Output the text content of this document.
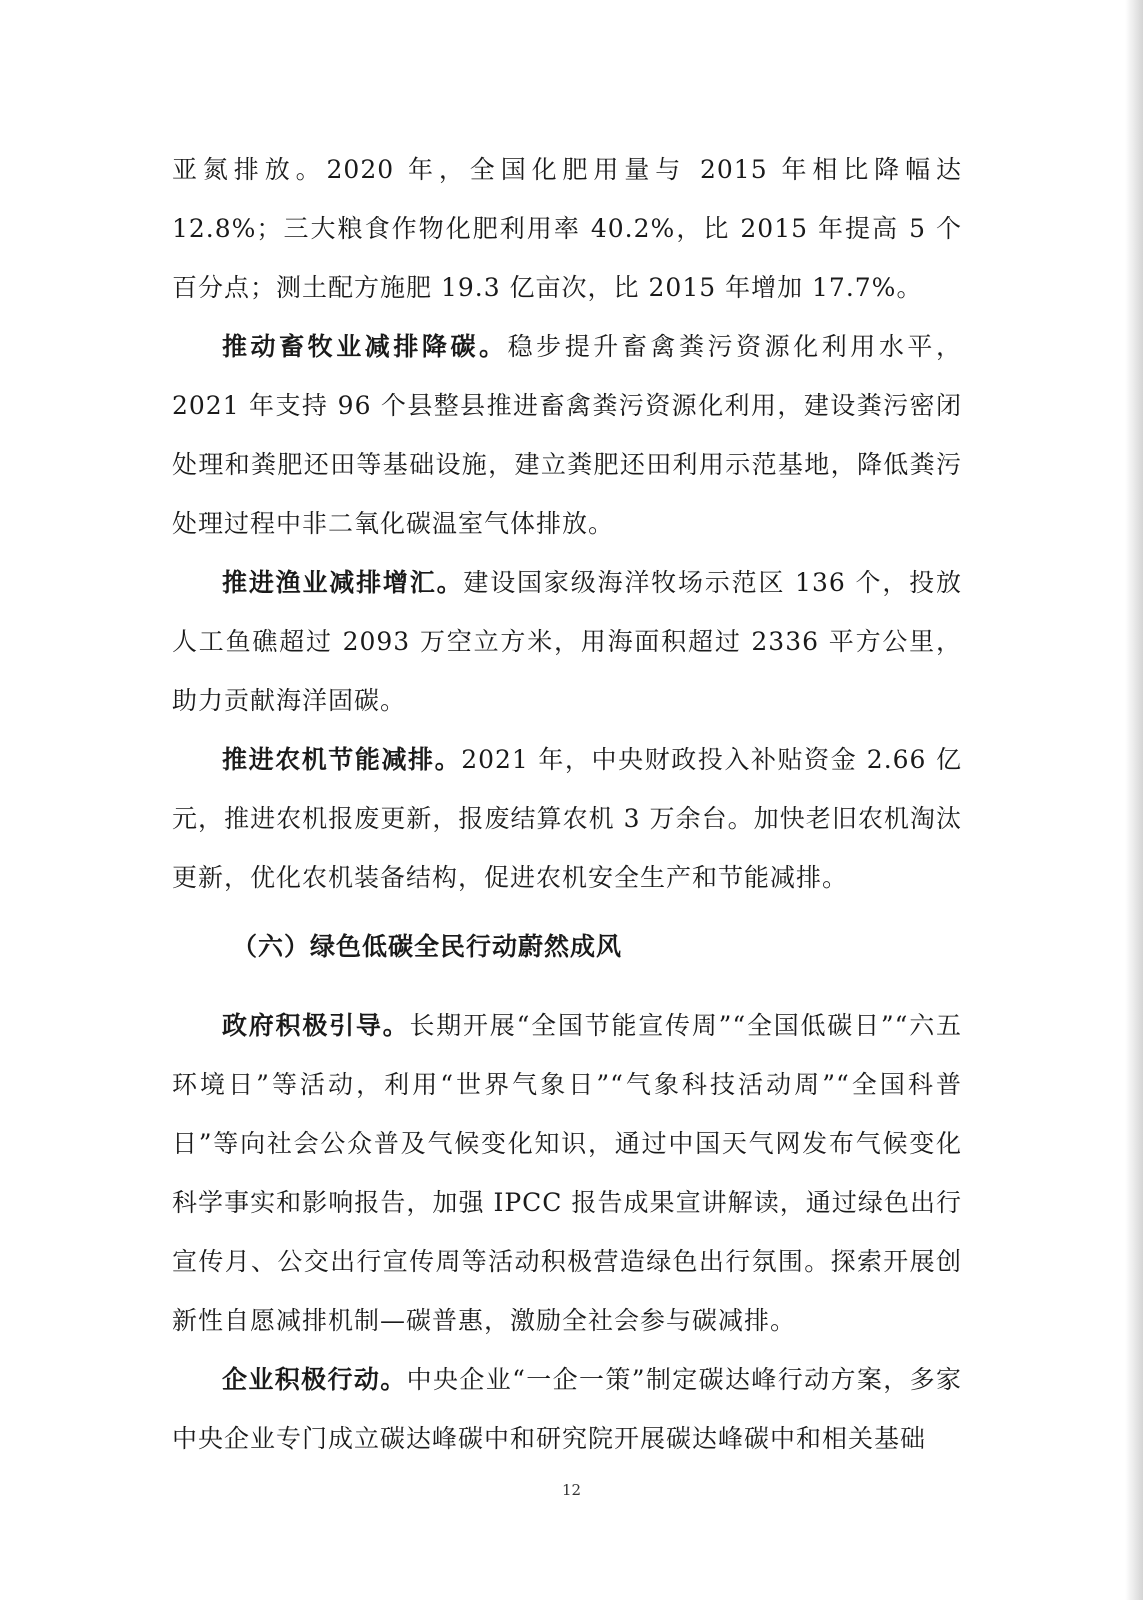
亚氮排放。2020 年，全国化肥用量与 2015 年相比降幅达 12.8%；三大粮食作物化肥利用率 40.2%，比 2015 年提高 5 个百分点；测土配方施肥 19.3 亿亩次，比 2015 年增加 17.7%。

推动畜牧业减排降碳。稳步提升畜禽粪污资源化利用水平，2021 年支持 96 个县整县推进畜禽粪污资源化利用，建设粪污密闭处理和粪肥还田等基础设施，建立粪肥还田利用示范基地，降低粪污处理过程中非二氧化碳温室气体排放。

推进渔业减排增汇。建设国家级海洋牧场示范区 136 个，投放人工鱼礁超过 2093 万空立方米，用海面积超过 2336 平方公里，助力贡献海洋固碳。

推进农机节能减排。2021 年，中央财政投入补贴资金 2.66 亿元，推进农机报废更新，报废结算农机 3 万余台。加快老旧农机淘汰更新，优化农机装备结构，促进农机安全生产和节能减排。

（六）绿色低碳全民行动蔚然成风

政府积极引导。长期开展“全国节能宣传周”“全国低碳日”“六五环境日”等活动，利用“世界气象日”“气象科技活动周”“全国科普日”等向社会公众普及气候变化知识，通过中国天气网发布气候变化科学事实和影响报告，加强 IPCC 报告成果宣讲解读，通过绿色出行宣传月、公交出行宣传周等活动积极营造绿色出行氛围。探索开展创新性自愿减排机制—碳普惠，激励全社会参与碳减排。

企业积极行动。中央企业“一企一策”制定碳达峰行动方案，多家中央企业专门成立碳达峰碳中和研究院开展碳达峰碳中和相关基础

12
